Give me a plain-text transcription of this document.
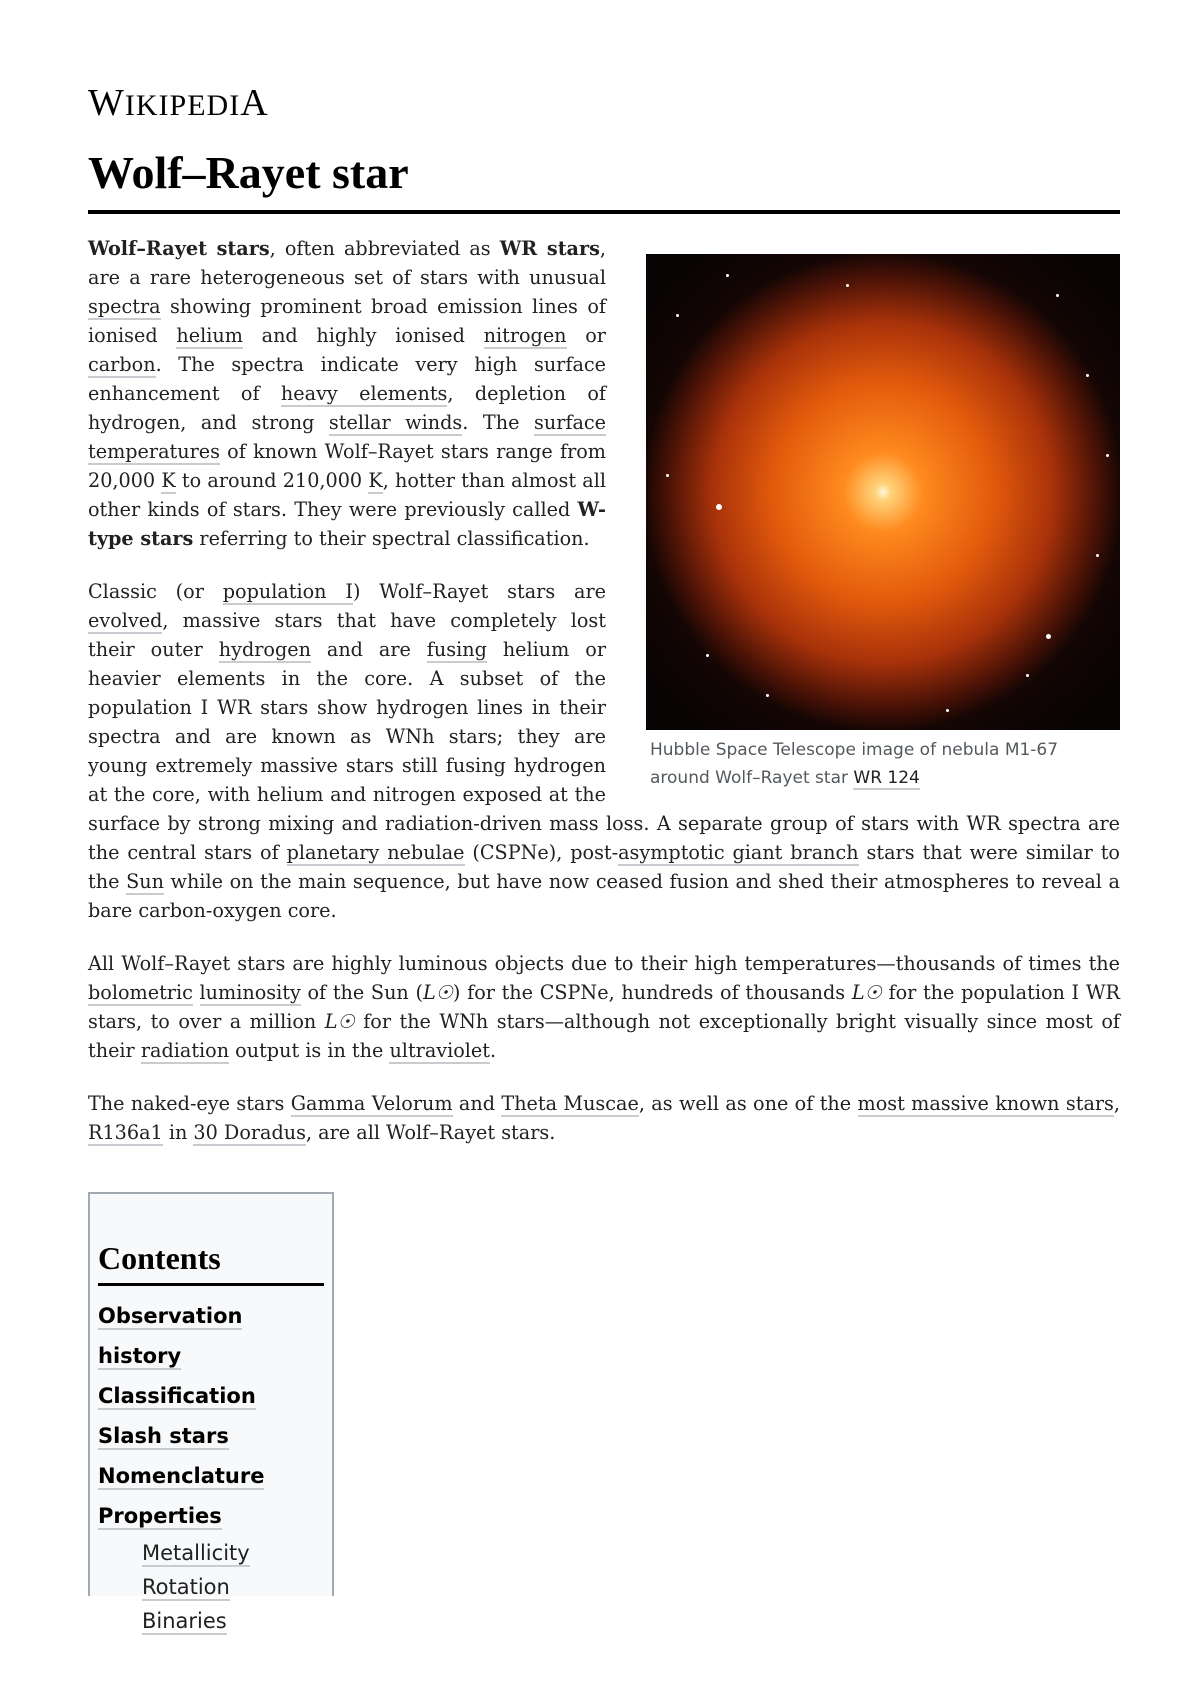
WIKIPEDIA
Wolf–Rayet star
Hubble Space Telescope image of nebula M1-67 around Wolf–Rayet star WR 124

Wolf–Rayet stars, often abbreviated as WR stars, are a rare heterogeneous set of stars with unusual spectra showing prominent broad emission lines of ionised helium and highly ionised nitrogen or carbon. The spectra indicate very high surface enhancement of heavy elements, depletion of hydrogen, and strong stellar winds. The surface temperatures of known Wolf–Rayet stars range from 20,000 K to around 210,000 K, hotter than almost all other kinds of stars. They were previously called W-type stars referring to their spectral classification.

Classic (or population I) Wolf–Rayet stars are evolved, massive stars that have completely lost their outer hydrogen and are fusing helium or heavier elements in the core. A subset of the population I WR stars show hydrogen lines in their spectra and are known as WNh stars; they are young extremely massive stars still fusing hydrogen at the core, with helium and nitrogen exposed at the surface by strong mixing and radiation-driven mass loss. A separate group of stars with WR spectra are the central stars of planetary nebulae (CSPNe), post-asymptotic giant branch stars that were similar to the Sun while on the main sequence, but have now ceased fusion and shed their atmospheres to reveal a bare carbon-oxygen core.

All Wolf–Rayet stars are highly luminous objects due to their high temperatures—thousands of times the bolometric luminosity of the Sun (L☉) for the CSPNe, hundreds of thousands L☉ for the population I WR stars, to over a million L☉ for the WNh stars—although not exceptionally bright visually since most of their radiation output is in the ultraviolet.

The naked-eye stars Gamma Velorum and Theta Muscae, as well as one of the most massive known stars, R136a1 in 30 Doradus, are all Wolf–Rayet stars.

Contents
Observation history
Classification
Slash stars
Nomenclature
Properties
Metallicity
Rotation
Binaries
